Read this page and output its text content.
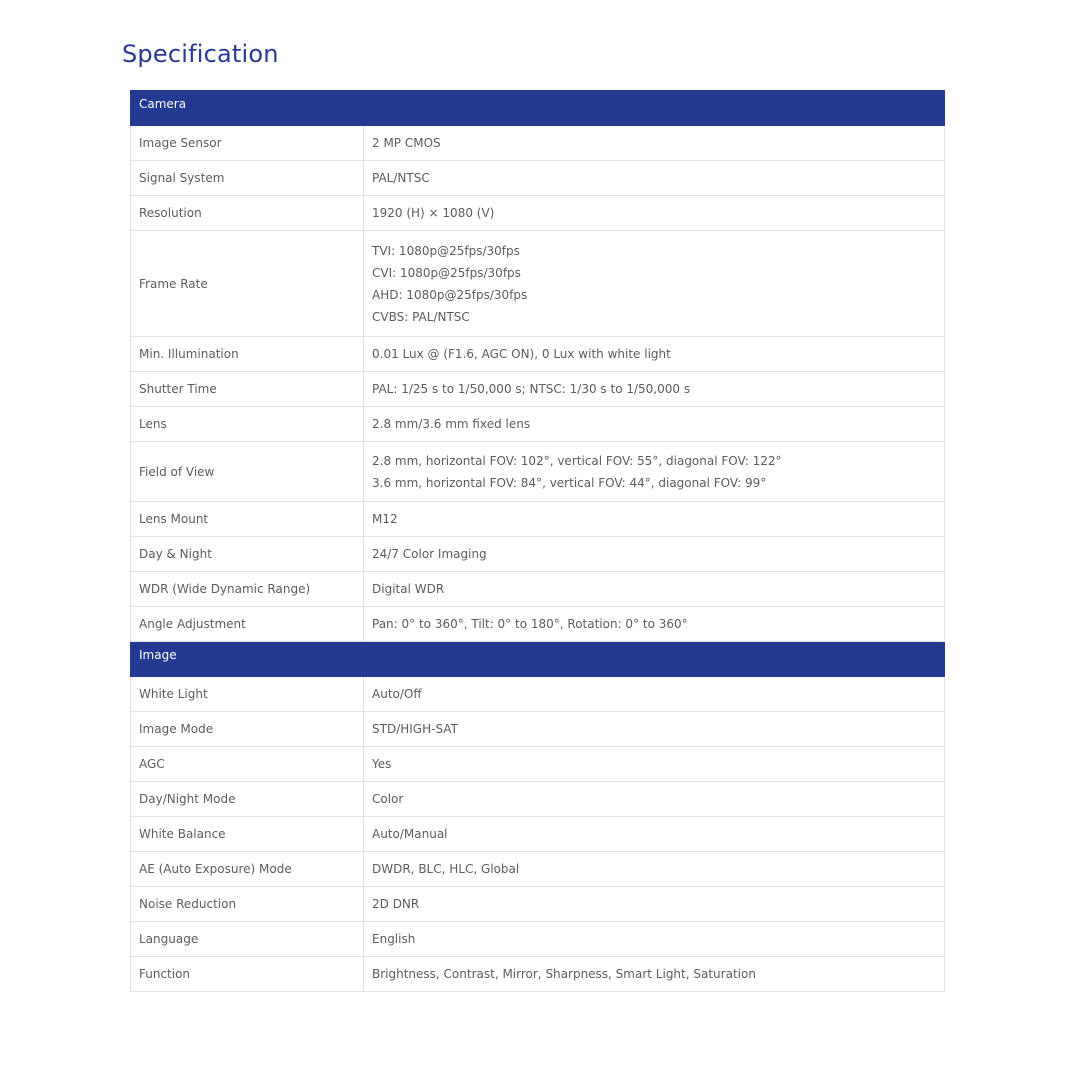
Specification
Camera	
Image Sensor	2 MP CMOS

Signal System	PAL/NTSC

Resolution	1920 (H) × 1080 (V)

Frame Rate	TVI: 1080p@25fps/30fps
CVI: 1080p@25fps/30fps
AHD: 1080p@25fps/30fps
CVBS: PAL/NTSC

Min. Illumination	0.01 Lux @ (F1.6, AGC ON), 0 Lux with white light

Shutter Time	PAL: 1/25 s to 1/50,000 s; NTSC: 1/30 s to 1/50,000 s

Lens	2.8 mm/3.6 mm fixed lens

Field of View	2.8 mm, horizontal FOV: 102°, vertical FOV: 55°, diagonal FOV: 122°
3.6 mm, horizontal FOV: 84°, vertical FOV: 44°, diagonal FOV: 99°

Lens Mount	M12

Day & Night	24/7 Color Imaging

WDR (Wide Dynamic Range)	Digital WDR

Angle Adjustment	Pan: 0° to 360°, Tilt: 0° to 180°, Rotation: 0° to 360°

Image	
White Light	Auto/Off

Image Mode	STD/HIGH-SAT

AGC	Yes

Day/Night Mode	Color

White Balance	Auto/Manual

AE (Auto Exposure) Mode	DWDR, BLC, HLC, Global

Noise Reduction	2D DNR

Language	English

Function	Brightness, Contrast, Mirror, Sharpness, Smart Light, Saturation
